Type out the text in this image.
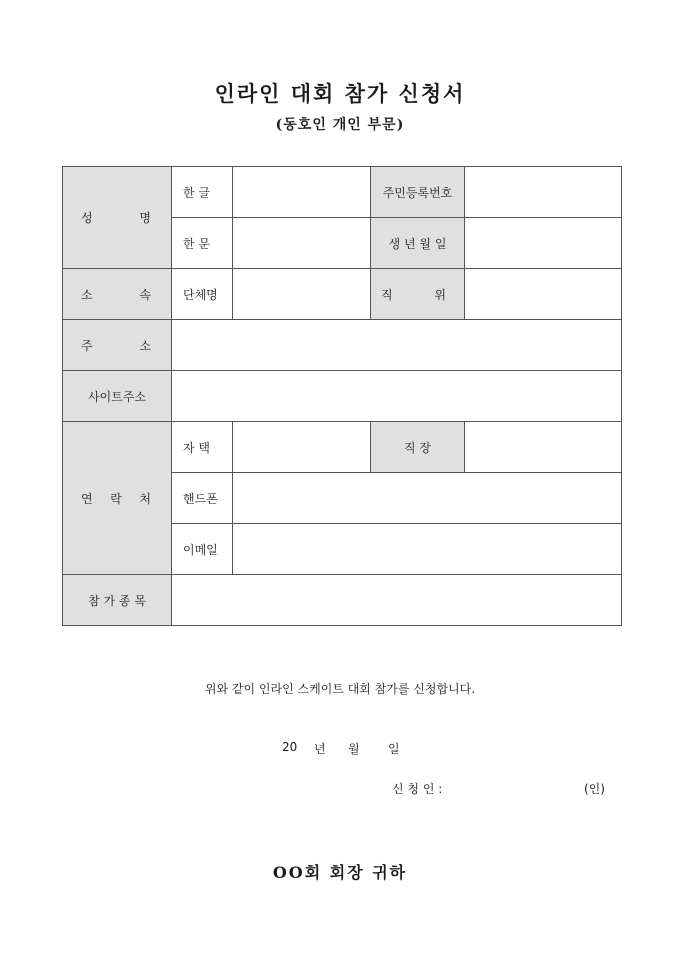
인라인 대회 참가 신청서
(동호인 개인 부문)
성 명	한 글		주민등록번호	
	한 문		생 년 월 일	

소 속	단체명		직 위	

주 소				

사이트주소				

연 락 처	자 택		직 장	
	핸드폰			
	이메일			
참 가 종 목				
위와 같이 인라인 스케이트 대회 참가를 신청합니다.
20	년	월	일
신 청 인 :	(인)
OO회 회장 귀하
